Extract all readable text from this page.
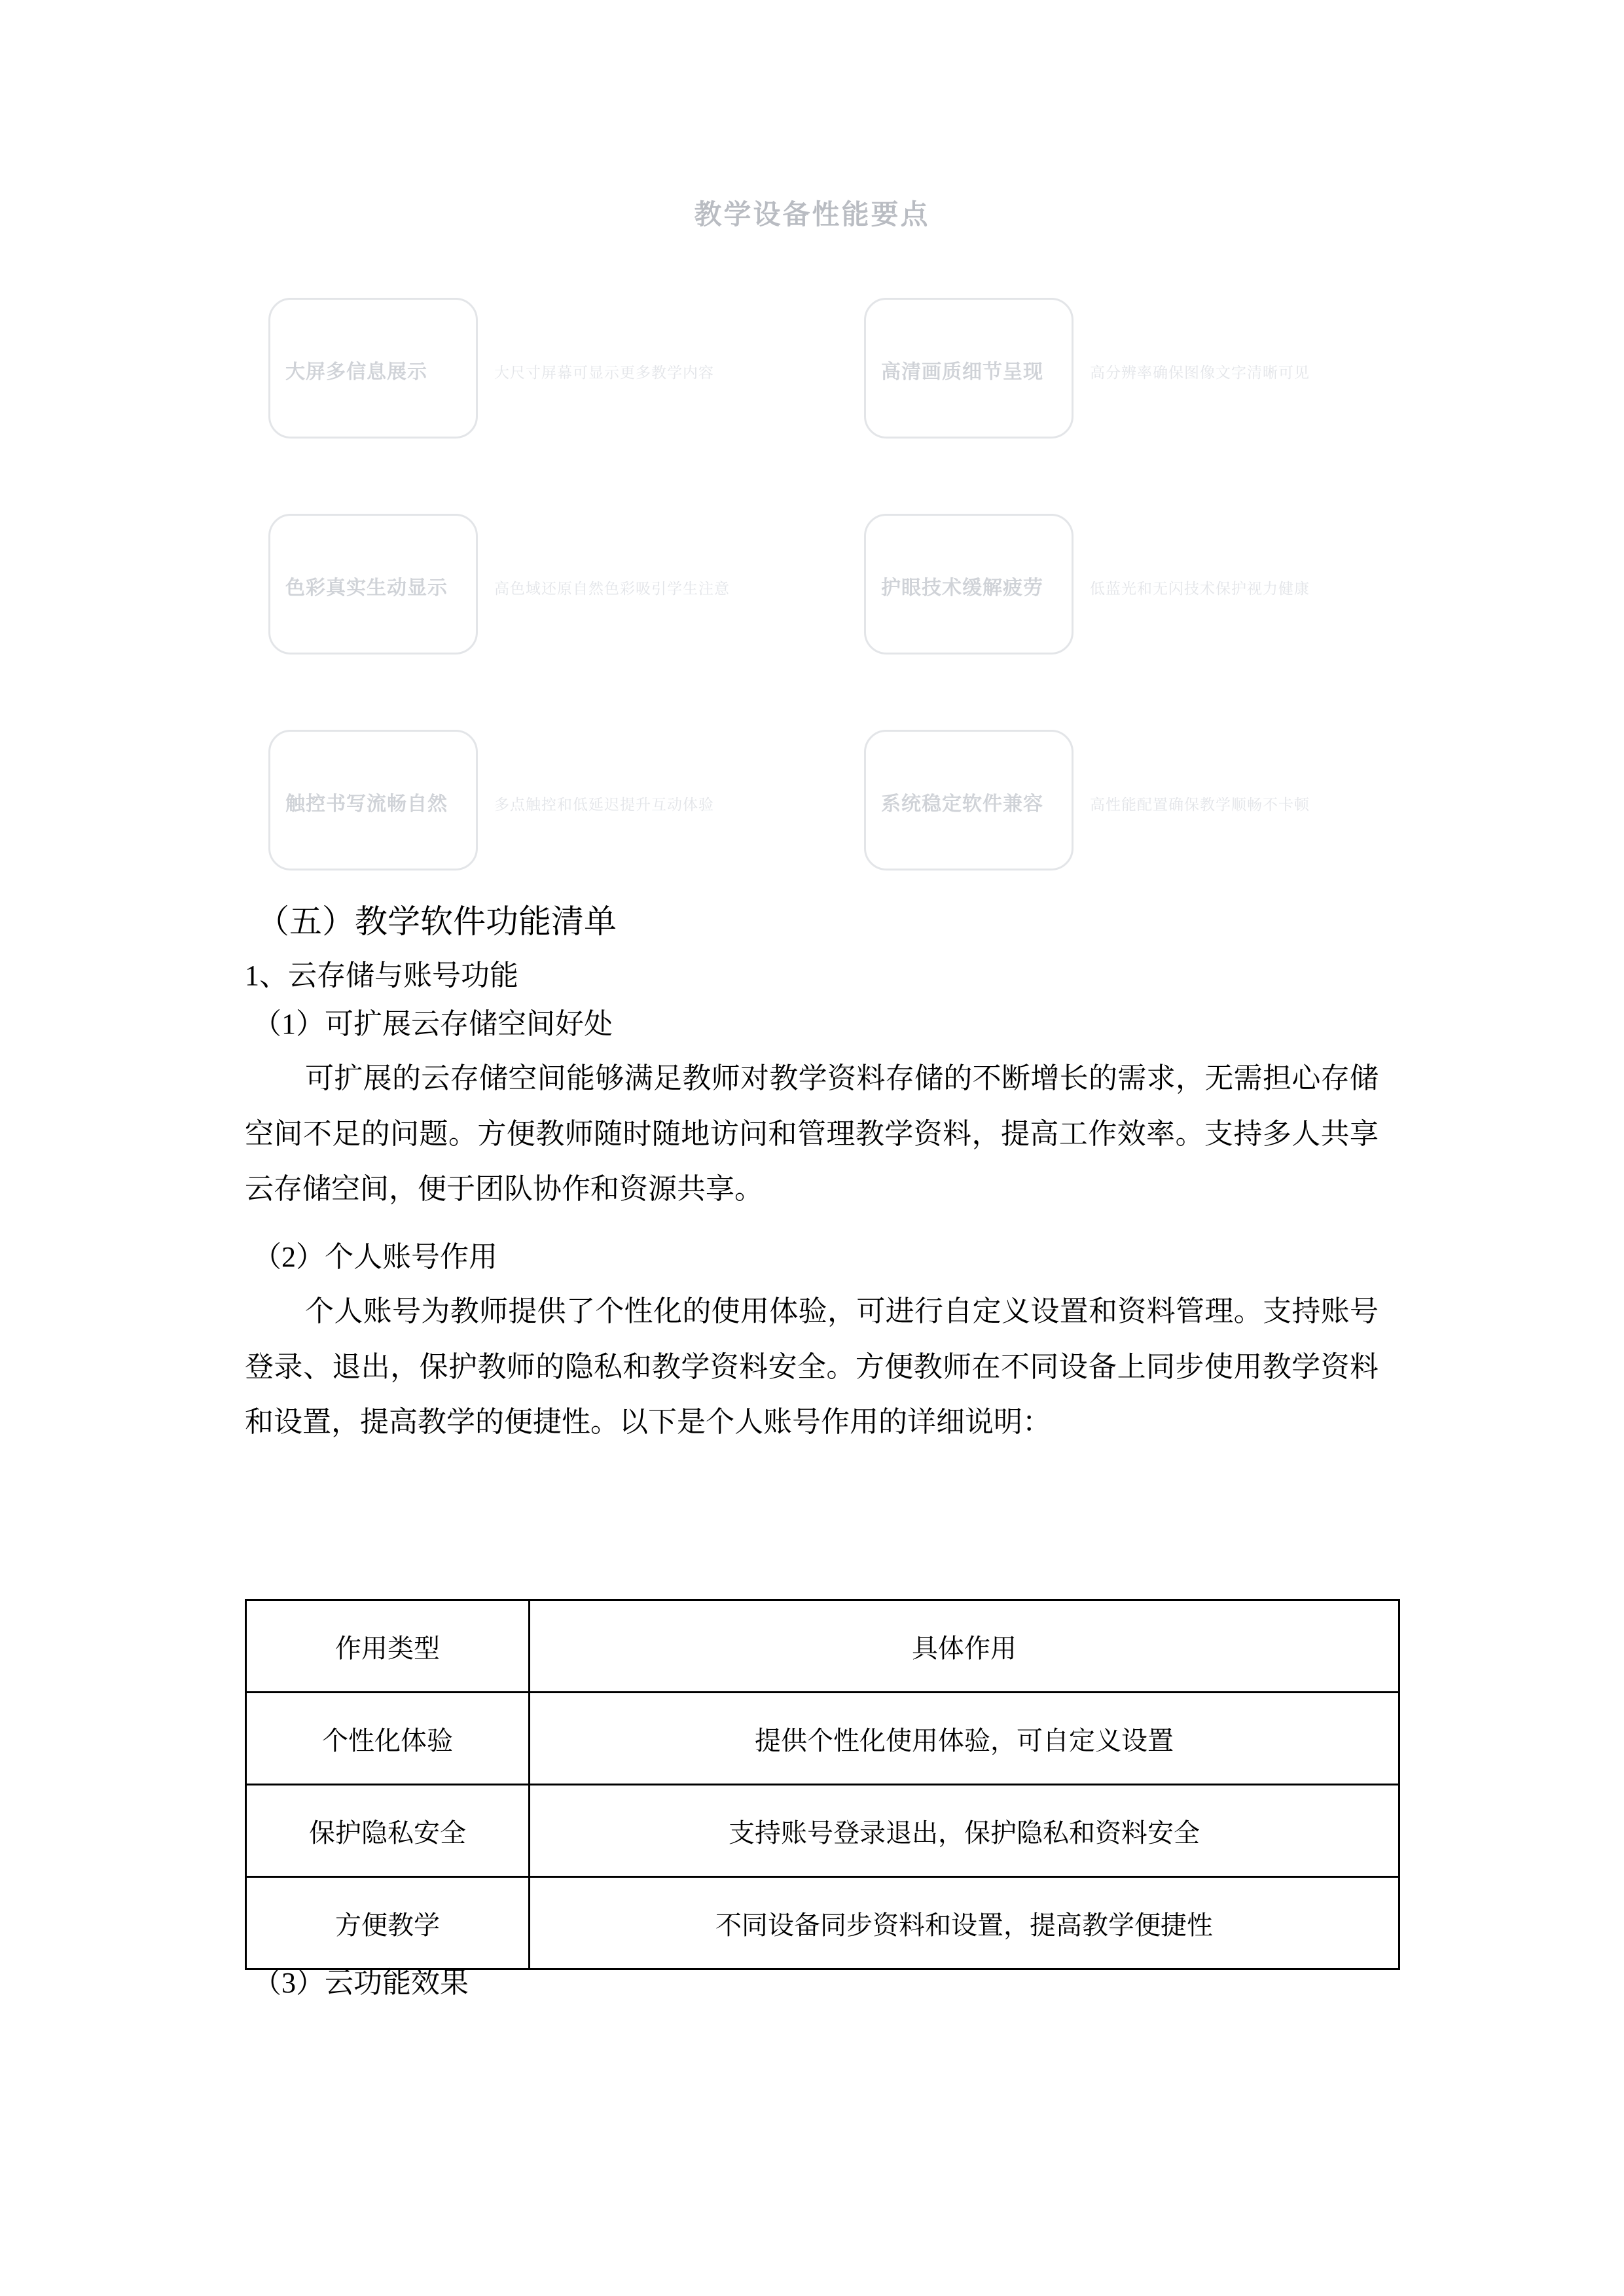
教学设备性能要点
大屏多信息展示	大尺寸屏幕可显示更多教学内容	高清画质细节呈现	高分辨率确保图像文字清晰可见
色彩真实生动显示	高色域还原自然色彩吸引学生注意	护眼技术缓解疲劳	低蓝光和无闪技术保护视力健康
触控书写流畅自然	多点触控和低延迟提升互动体验	系统稳定软件兼容	高性能配置确保教学顺畅不卡顿
（五）教学软件功能清单
1、云存储与账号功能
（1）可扩展云存储空间好处

可扩展的云存储空间能够满足教师对教学资料存储的不断增长的需求，无需担心存储空间不足的问题。方便教师随时随地访问和管理教学资料，提高工作效率。支持多人共享云存储空间，便于团队协作和资源共享。

（2）个人账号作用

个人账号为教师提供了个性化的使用体验，可进行自定义设置和资料管理。支持账号登录、退出，保护教师的隐私和教学资料安全。方便教师在不同设备上同步使用教学资料和设置，提高教学的便捷性。以下是个人账号作用的详细说明：

作用类型	具体作用
个性化体验	提供个性化使用体验，可自定义设置
保护隐私安全	支持账号登录退出，保护隐私和资料安全
方便教学	不同设备同步资料和设置，提高教学便捷性
（3）云功能效果
